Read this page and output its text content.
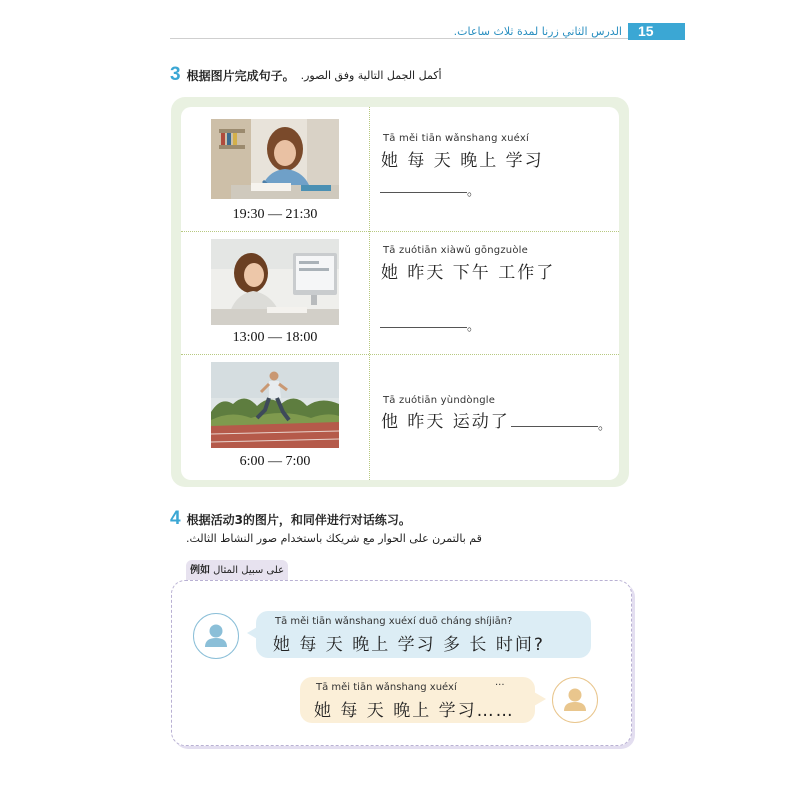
الدرس الثاني زرنا لمدة ثلاث ساعات.	15
3 根据图片完成句子。 أكمل الجمل التالية وفق الصور.
19:30 — 21:30
Tā měi tiān wǎnshang xuéxí
她 每 天 晚上 学习
。
13:00 — 18:00
Tā zuótiān xiàwǔ gōngzuòle
她 昨天 下午 工作了
。
6:00 — 7:00
Tā zuótiān yùndòngle
他 昨天 运动了	。
4 根据活动3的图片，和同伴进行对话练习。
قم بالتمرن على الحوار مع شريكك باستخدام صور النشاط الثالث.
例如 على سبيل المثال
Tā měi tiān wǎnshang xuéxí duō cháng shíjiān?
她 每 天 晚上 学习 多 长 时间?
Tā měi tiān wǎnshang xuéxí	···
她 每 天 晚上 学习……
